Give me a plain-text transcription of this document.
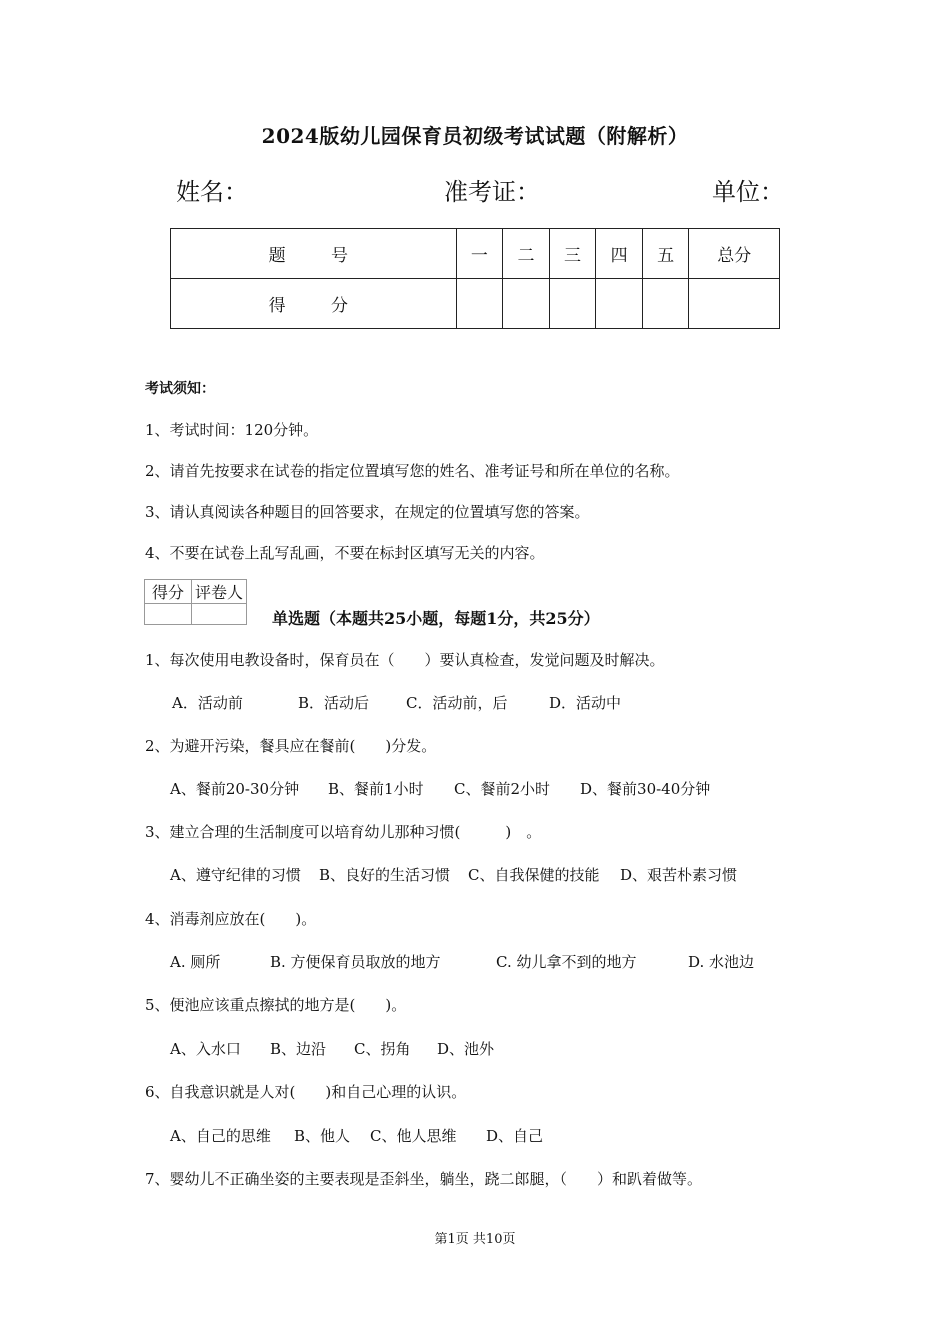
2024版幼儿园保育员初级考试试题（附解析）
姓名：	准考证：	单位：
题 号	一	二	三	四	五	总分
得 分						
考试须知：
1、考试时间：120分钟。
2、请首先按要求在试卷的指定位置填写您的姓名、准考证号和所在单位的名称。
3、请认真阅读各种题目的回答要求，在规定的位置填写您的答案。
4、不要在试卷上乱写乱画，不要在标封区填写无关的内容。
得分	评卷人

单选题（本题共25小题，每题1分，共25分）
1、每次使用电教设备时，保育员在（　　）要认真检查，发觉问题及时解决。
A．活动前	B．活动后 C．活动前，后	D．活动中
2、为避开污染，餐具应在餐前(　　)分发。
A、餐前20-30分钟 B、餐前1小时 C、餐前2小时 D、餐前30-40分钟
3、建立合理的生活制度可以培育幼儿那种习惯(　　　)　。
A、遵守纪律的习惯 B、良好的生活习惯 C、自我保健的技能 D、艰苦朴素习惯
4、消毒剂应放在(　　)。
A. 厕所	B. 方便保育员取放的地方	C. 幼儿拿不到的地方	D. 水池边
5、便池应该重点擦拭的地方是(　　)。
A、入水口 B、边沿 C、拐角 D、池外
6、自我意识就是人对(　　)和自己心理的认识。
A、自己的思维 B、他人 C、他人思维 D、自己
7、婴幼儿不正确坐姿的主要表现是歪斜坐，躺坐，跷二郎腿，（　　）和趴着做等。
第1页 共10页
